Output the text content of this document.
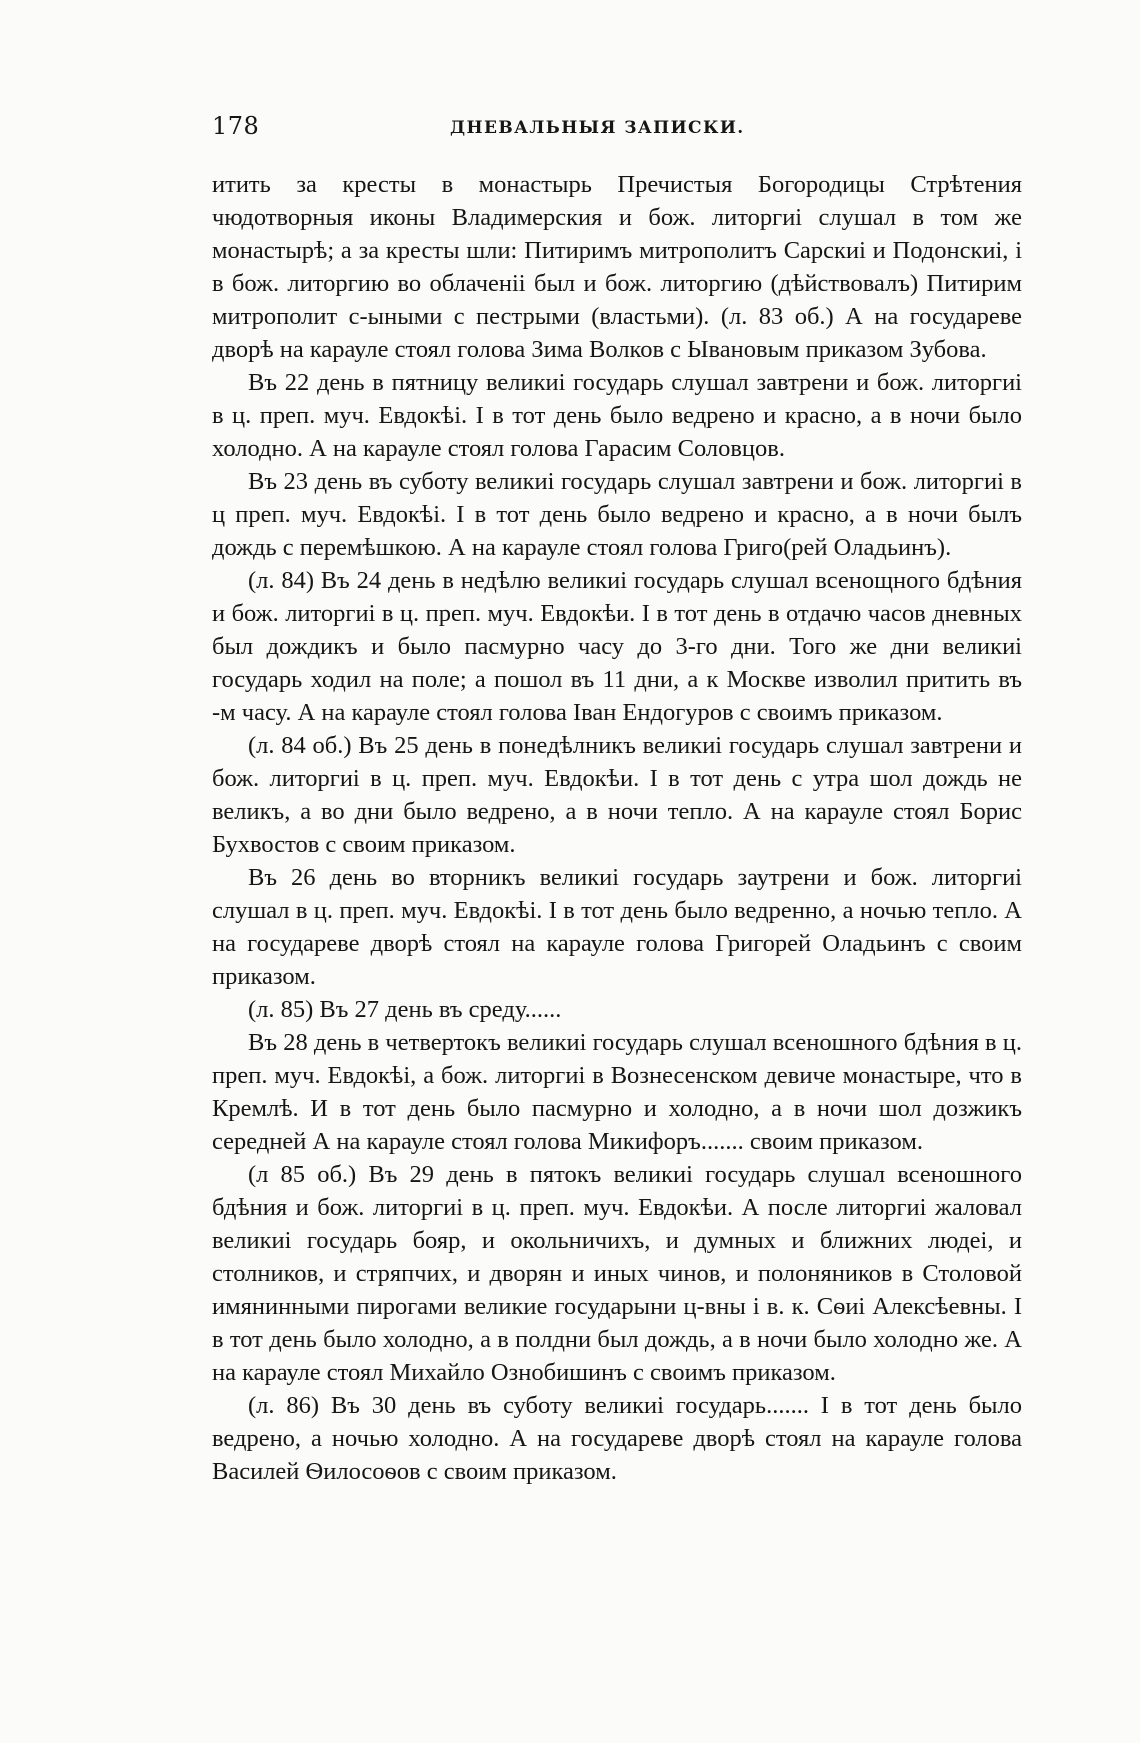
178	ДНЕВАЛЬНЫЯ ЗАПИСКИ.

итить за кресты в монастырь Пречистыя Богородицы Стрѣтения чюдотворныя иконы Владимерския и бож. литоргиі слушал в том же монастырѣ; а за кресты шли: Питиримъ митрополитъ Сарскиі и Подонскиі, і в бож. литоргию во облаченіі был и бож. литоргию (дѣйствовалъ) Питирим митрополит с-ыными с пестрыми (властьми). (л. 83 об.) А на государеве дворѣ на карауле стоял голова Зима Волков с Ывановым приказом Зубова.

Въ 22 день в пятницу великиі государь слушал завтрени и бож. литоргиі в ц. преп. муч. Евдокѣі. І в тот день было ведрено и красно, а в ночи было холодно. А на карауле стоял голова Гарасим Соловцов.

Въ 23 день въ суботу великиі государь слушал завтрени и бож. литоргиі в ц преп. муч. Евдокѣі. І в тот день было ведрено и красно, а в ночи былъ дождь с перемѣшкою. А на карауле стоял голова Григо(рей Оладьинъ).

(л. 84) Въ 24 день в недѣлю великиі государь слушал всенощного бдѣния и бож. литоргиі в ц. преп. муч. Евдокѣи. І в тот день в отдачю часов дневных был дождикъ и было пасмурно часу до 3-го дни. Того же дни великиі государь ходил на поле; а пошол въ 11 дни, а к Москве изволил притить въ -м часу. А на карауле стоял голова Іван Ендогуров с своимъ приказом.

(л. 84 об.) Въ 25 день в понедѣлникъ великиі государь слушал завтрени и бож. литоргиі в ц. преп. муч. Евдокѣи. І в тот день с утра шол дождь не великъ, а во дни было ведрено, а в ночи тепло. А на карауле стоял Борис Бухвостов с своим приказом.

Въ 26 день во вторникъ великиі государь заутрени и бож. литоргиі слушал в ц. преп. муч. Евдокѣі. І в тот день было ведренно, а ночью тепло. А на государеве дворѣ стоял на карауле голова Григорей Оладьинъ с своим приказом.

(л. 85) Въ 27 день въ среду......

Въ 28 день в четвертокъ великиі государь слушал всеношного бдѣния в ц. преп. муч. Евдокѣі, а бож. литоргиі в Вознесенском девиче монастыре, что в Кремлѣ. И в тот день было пасмурно и холодно, а в ночи шол дозжикъ середней А на карауле стоял голова Микифоръ....... своим приказом.

(л 85 об.) Въ 29 день в пятокъ великиі государь слушал всеношного бдѣния и бож. литоргиі в ц. преп. муч. Евдокѣи. А после литоргиі жаловал великиі государь бояр, и окольничихъ, и думных и ближних людеі, и столников, и стряпчих, и дворян и иных чинов, и полоняников в Столовой имянинными пирогами великие государыни ц-вны і в. к. Сѳиі Алексѣевны. І в тот день было холодно, а в полдни был дождь, а в ночи было холодно же. А на карауле стоял Михайло Ознобишинъ с своимъ приказом.

(л. 86) Въ 30 день въ суботу великиі государь....... І в тот день было ведрено, а ночью холодно. А на государеве дворѣ стоял на карауле голова Василей Ѳилосоѳов с своим приказом.
